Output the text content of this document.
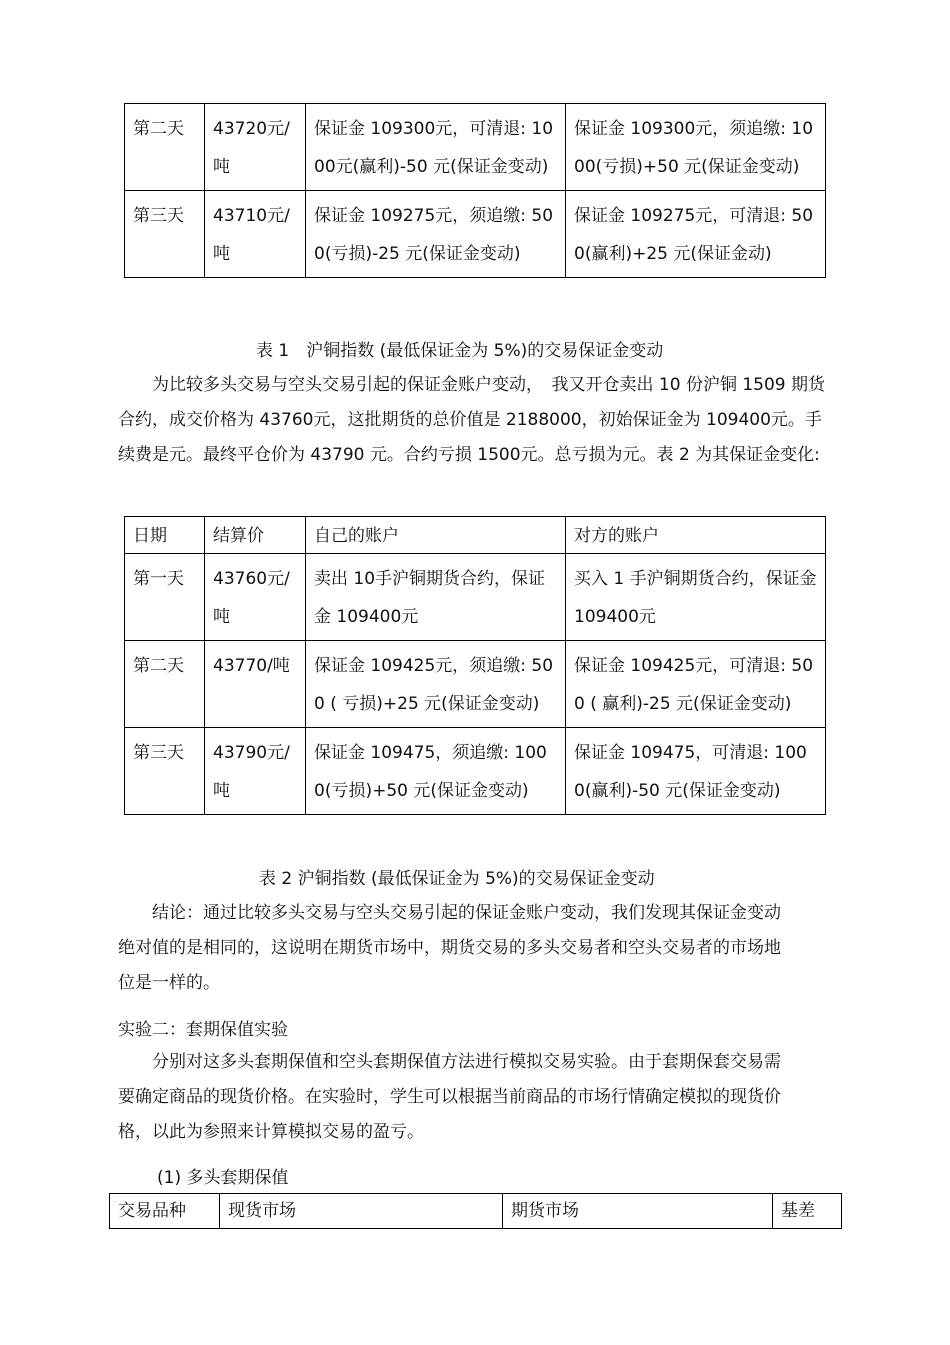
第二天	43720元/吨	保证金 109300元，可清退: 1000元(赢利)-50 元(保证金变动)	保证金 109300元，须追缴: 1000(亏损)+50 元(保证金变动)
第三天	43710元/吨	保证金 109275元，须追缴: 500(亏损)-25 元(保证金变动)	保证金 109275元，可清退: 500(赢利)+25 元(保证金动)
表 1　沪铜指数 (最低保证金为 5%)的交易保证金变动

为比较多头交易与空头交易引起的保证金账户变动，　我又开仓卖出 10 份沪铜 1509 期货合约，成交价格为 43760元，这批期货的总价值是 2188000，初始保证金为 109400元。手续费是元。最终平仓价为 43790 元。合约亏损 1500元。总亏损为元。表 2 为其保证金变化:

日期	结算价	自己的账户	对方的账户
第一天	43760元/吨	卖出 10手沪铜期货合约，保证金 109400元	买入 1 手沪铜期货合约，保证金 109400元
第二天	43770/吨	保证金 109425元，须追缴: 500 ( 亏损)+25 元(保证金变动)	保证金 109425元，可清退: 500 ( 赢利)-25 元(保证金变动)
第三天	43790元/吨	保证金 109475，须追缴: 1000(亏损)+50 元(保证金变动)	保证金 109475，可清退: 1000(赢利)-50 元(保证金变动)
表 2 沪铜指数 (最低保证金为 5%)的交易保证金变动

结论：通过比较多头交易与空头交易引起的保证金账户变动，我们发现其保证金变动绝对值的是相同的，这说明在期货市场中，期货交易的多头交易者和空头交易者的市场地位是一样的。

实验二：套期保值实验

分别对这多头套期保值和空头套期保值方法进行模拟交易实验。由于套期保套交易需要确定商品的现货价格。在实验时，学生可以根据当前商品的市场行情确定模拟的现货价格，以此为参照来计算模拟交易的盈亏。

(1) 多头套期保值
交易品种	现货市场	期货市场	基差
